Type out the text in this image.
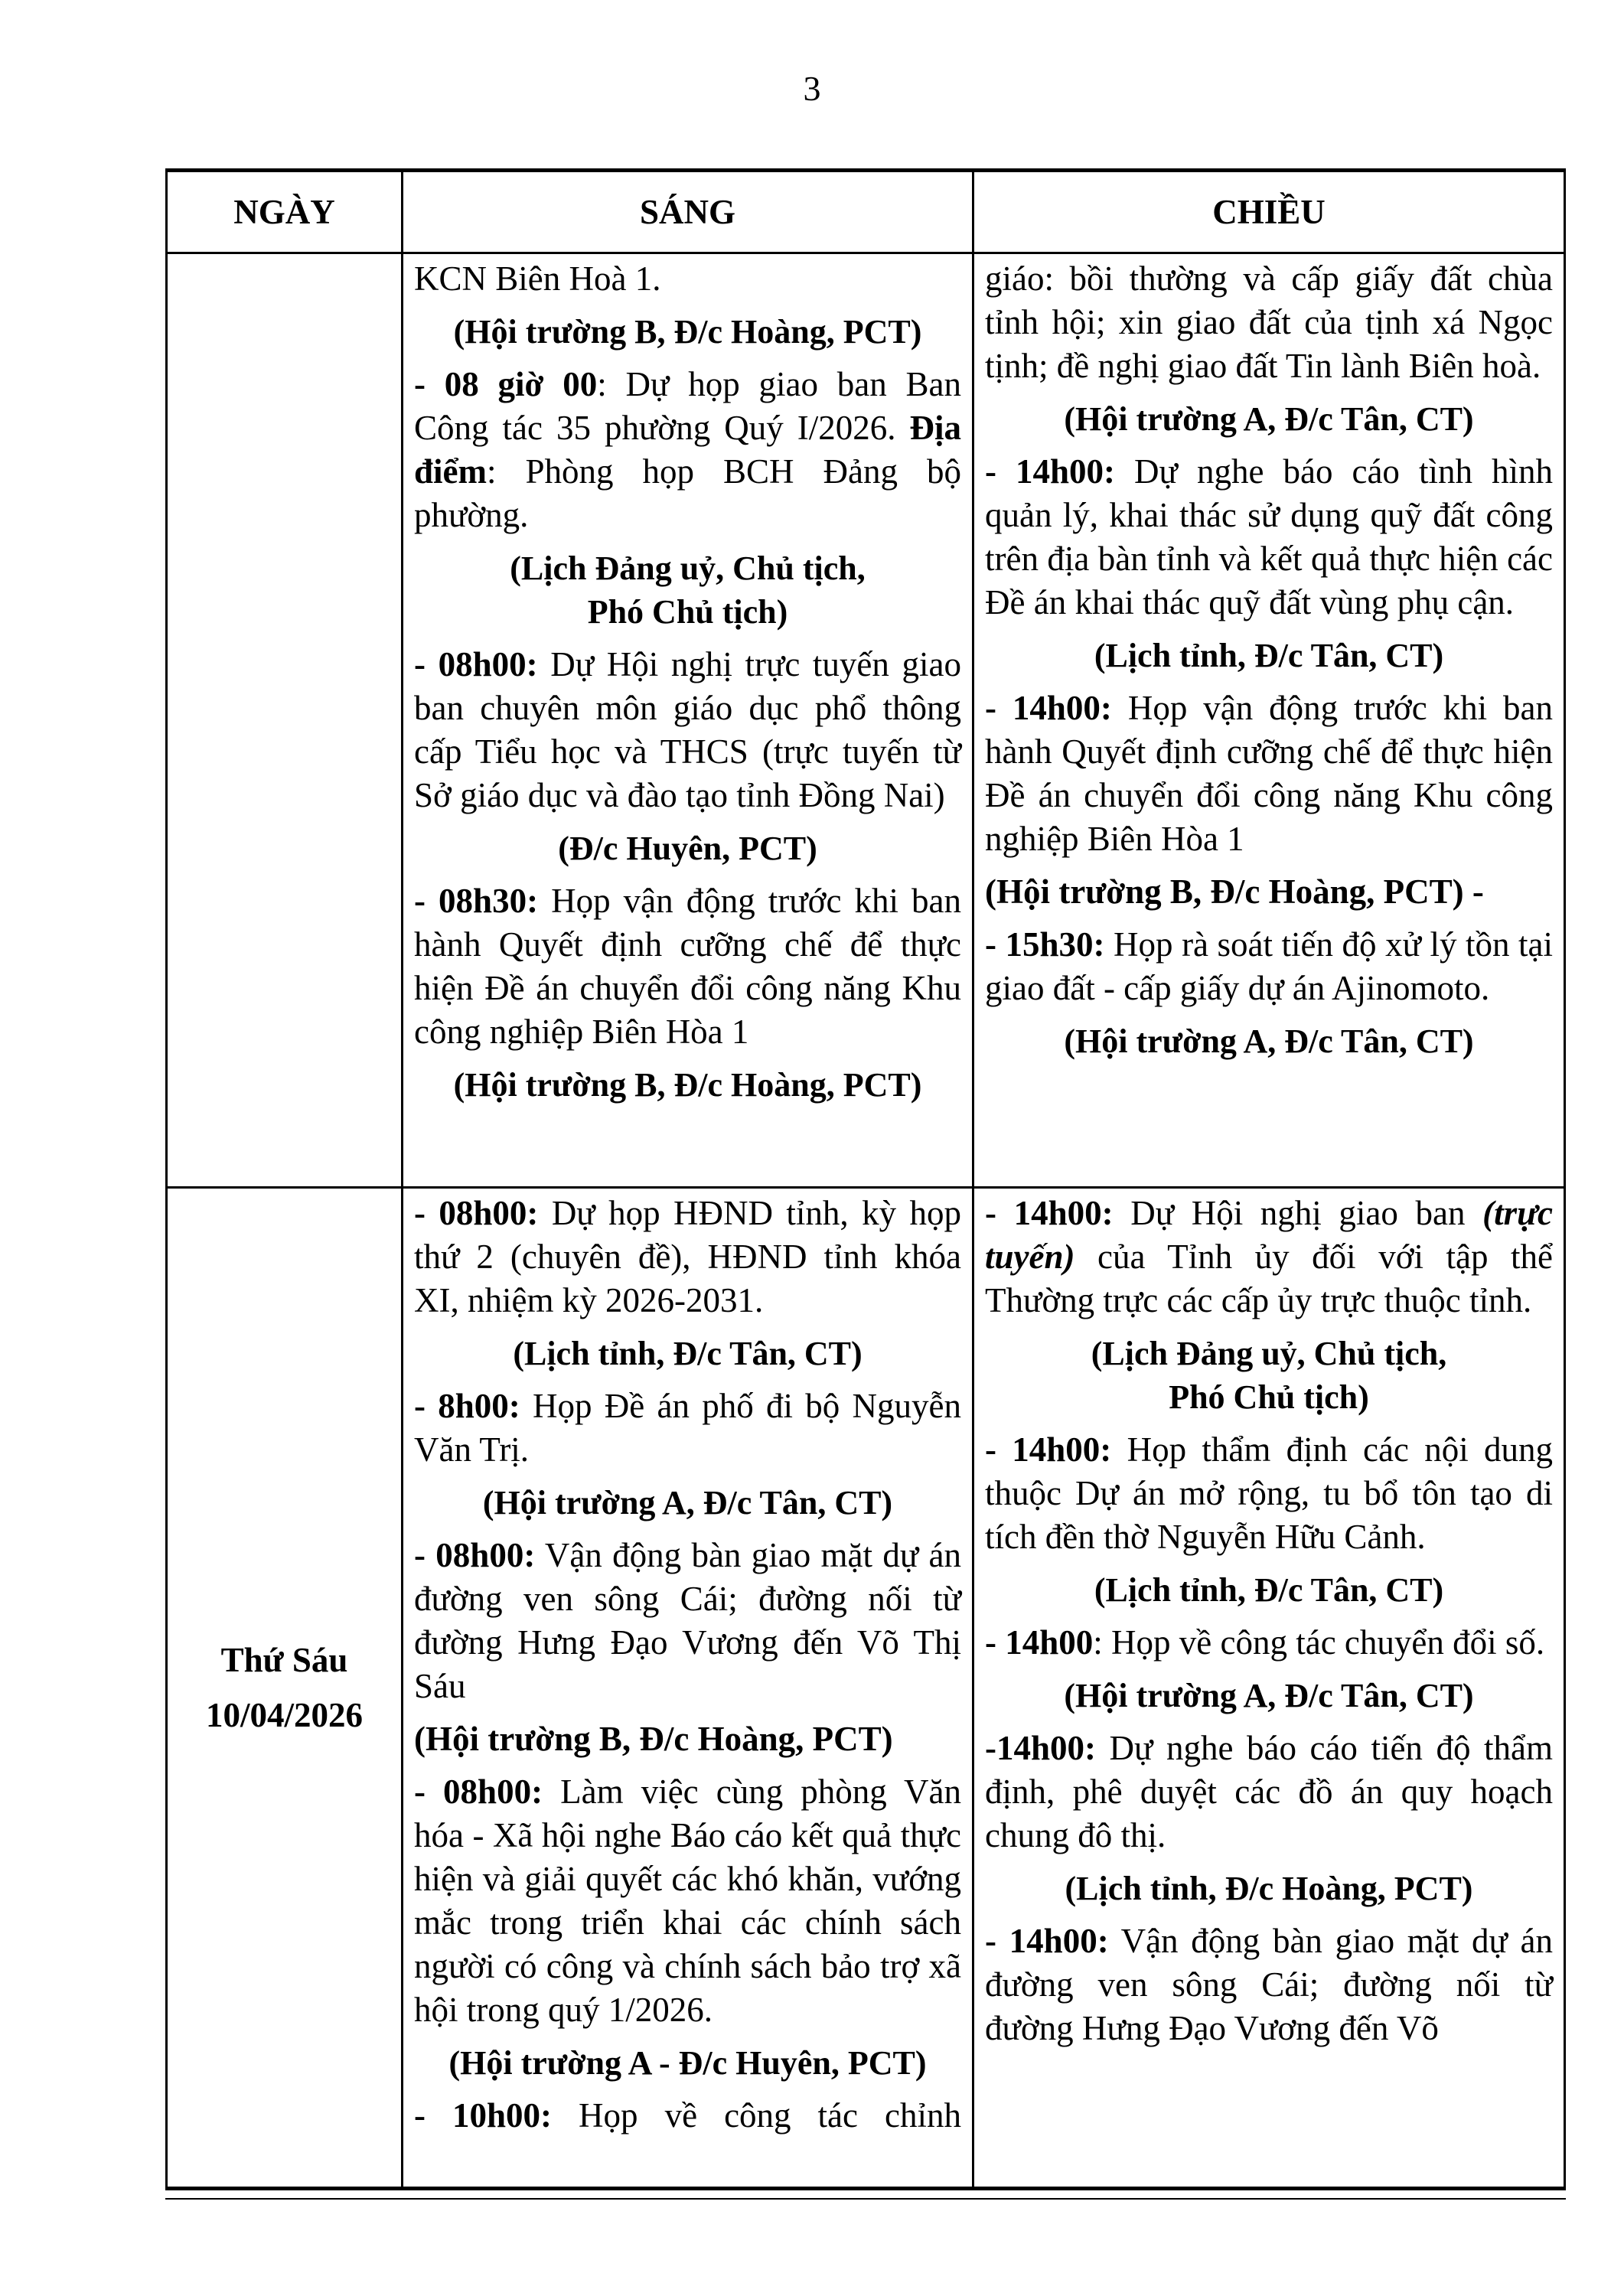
3
NGÀY	SÁNG	CHIỀU

KCN Biên Hoà 1.

(Hội trường B, Đ/c Hoàng, PCT)

- 08 giờ 00: Dự họp giao ban Ban Công tác 35 phường Quý I/2026. Địa điểm: Phòng họp BCH Đảng bộ phường.

(Lịch Đảng uỷ, Chủ tịch,
Phó Chủ tịch)

- 08h00: Dự Hội nghị trực tuyến giao ban chuyên môn giáo dục phổ thông cấp Tiểu học và THCS (trực tuyến từ Sở giáo dục và đào tạo tỉnh Đồng Nai)

(Đ/c Huyên, PCT)

- 08h30: Họp vận động trước khi ban hành Quyết định cưỡng chế để thực hiện Đề án chuyển đổi công năng Khu công nghiệp Biên Hòa 1

(Hội trường B, Đ/c Hoàng, PCT)

giáo: bồi thường và cấp giấy đất chùa tỉnh hội; xin giao đất của tịnh xá Ngọc tịnh; đề nghị giao đất Tin lành Biên hoà.

(Hội trường A, Đ/c Tân, CT)

- 14h00: Dự nghe báo cáo tình hình quản lý, khai thác sử dụng quỹ đất công trên địa bàn tỉnh và kết quả thực hiện các Đề án khai thác quỹ đất vùng phụ cận.

(Lịch tỉnh, Đ/c Tân, CT)

- 14h00: Họp vận động trước khi ban hành Quyết định cưỡng chế để thực hiện Đề án chuyển đổi công năng Khu công nghiệp Biên Hòa 1

(Hội trường B, Đ/c Hoàng, PCT) -

- 15h30: Họp rà soát tiến độ xử lý tồn tại giao đất - cấp giấy dự án Ajinomoto.

(Hội trường A, Đ/c Tân, CT)

Thứ Sáu
10/04/2026

- 08h00: Dự họp HĐND tỉnh, kỳ họp thứ 2 (chuyên đề), HĐND tỉnh khóa XI, nhiệm kỳ 2026-2031.

(Lịch tỉnh, Đ/c Tân, CT)

- 8h00: Họp Đề án phố đi bộ Nguyễn Văn Trị.

(Hội trường A, Đ/c Tân, CT)

- 08h00: Vận động bàn giao mặt dự án đường ven sông Cái; đường nối từ đường Hưng Đạo Vương đến Võ Thị Sáu

(Hội trường B, Đ/c Hoàng, PCT)

- 08h00: Làm việc cùng phòng Văn hóa - Xã hội nghe Báo cáo kết quả thực hiện và giải quyết các khó khăn, vướng mắc trong triển khai các chính sách người có công và chính sách bảo trợ xã hội trong quý 1/2026.

(Hội trường A - Đ/c Huyên, PCT)

- 10h00: Họp về công tác chỉnh

- 14h00: Dự Hội nghị giao ban (trực tuyến) của Tỉnh ủy đối với tập thể Thường trực các cấp ủy trực thuộc tỉnh.

(Lịch Đảng uỷ, Chủ tịch,
Phó Chủ tịch)

- 14h00: Họp thẩm định các nội dung thuộc Dự án mở rộng, tu bổ tôn tạo di tích đền thờ Nguyễn Hữu Cảnh.

(Lịch tỉnh, Đ/c Tân, CT)

- 14h00: Họp về công tác chuyển đổi số.

(Hội trường A, Đ/c Tân, CT)

-14h00: Dự nghe báo cáo tiến độ thẩm định, phê duyệt các đồ án quy hoạch chung đô thị.

(Lịch tỉnh, Đ/c Hoàng, PCT)

- 14h00: Vận động bàn giao mặt dự án đường ven sông Cái; đường nối từ đường Hưng Đạo Vương đến Võ
